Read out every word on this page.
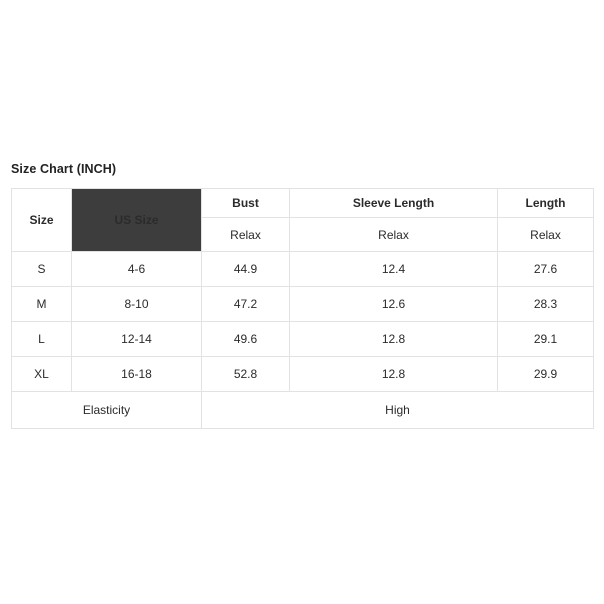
Size Chart (INCH)
Size	US Size	Bust	Sleeve Length	Length
		Relax	Relax	Relax
S	4-6	44.9	12.4	27.6
M	8-10	47.2	12.6	28.3
L	12-14	49.6	12.8	29.1
XL	16-18	52.8	12.8	29.9
Elasticity		High		
